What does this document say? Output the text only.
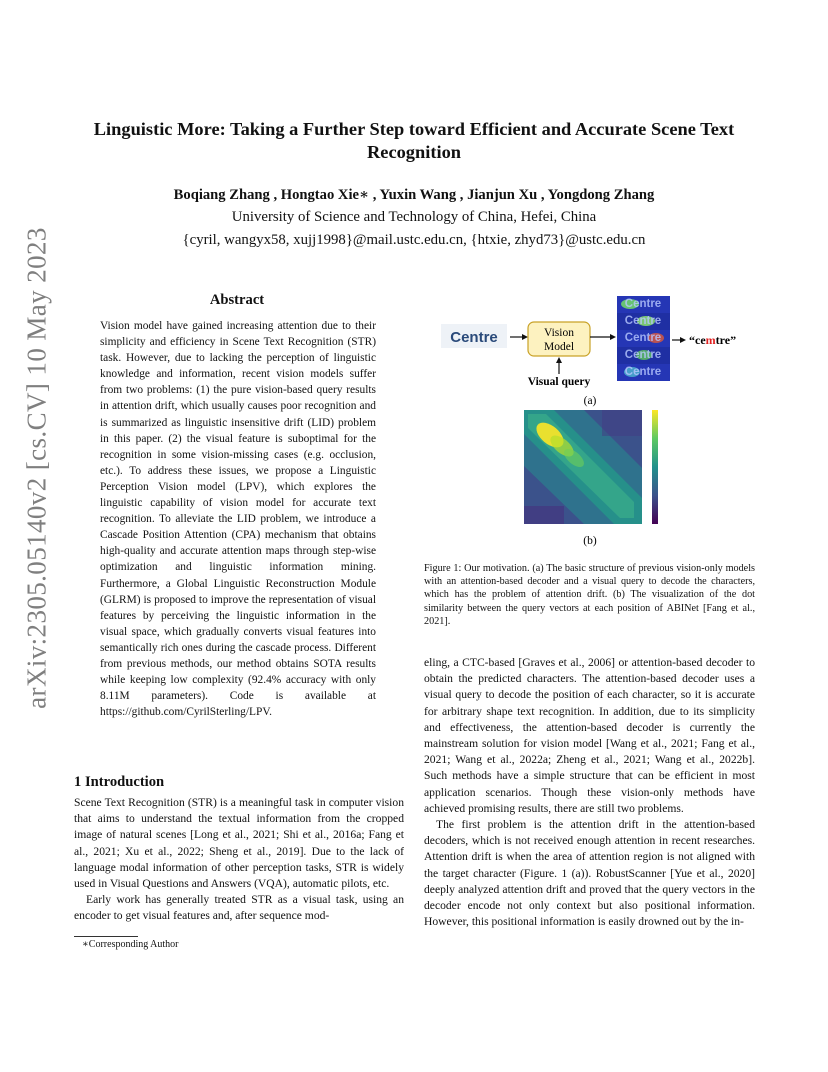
arXiv:2305.05140v2 [cs.CV] 10 May 2023
Linguistic More: Taking a Further Step toward Efficient and Accurate Scene Text Recognition
Boqiang Zhang , Hongtao Xie∗ , Yuxin Wang , Jianjun Xu , Yongdong Zhang
University of Science and Technology of China, Hefei, China
{cyril, wangyx58, xujj1998}@mail.ustc.edu.cn, {htxie, zhyd73}@ustc.edu.cn
Abstract
Vision model have gained increasing attention due to their simplicity and efficiency in Scene Text Recognition (STR) task. However, due to lacking the perception of linguistic knowledge and information, recent vision models suffer from two problems: (1) the pure vision-based query results in attention drift, which usually causes poor recognition and is summarized as linguistic insensitive drift (LID) problem in this paper. (2) the visual feature is suboptimal for the recognition in some vision-missing cases (e.g. occlusion, etc.). To address these issues, we propose a Linguistic Perception Vision model (LPV), which explores the linguistic capability of vision model for accurate text recognition. To alleviate the LID problem, we introduce a Cascade Position Attention (CPA) mechanism that obtains high-quality and accurate attention maps through step-wise optimization and linguistic information mining. Furthermore, a Global Linguistic Reconstruction Module (GLRM) is proposed to improve the representation of visual features by perceiving the linguistic information in the visual space, which gradually converts visual features into semantically rich ones during the cascade process. Different from previous methods, our method obtains SOTA results while keeping low complexity (92.4% accuracy with only 8.11M parameters). Code is available at https://github.com/CyrilSterling/LPV.
1 Introduction

Scene Text Recognition (STR) is a meaningful task in computer vision that aims to understand the textual information from the cropped image of natural scenes [Long et al., 2021; Shi et al., 2016a; Fang et al., 2021; Xu et al., 2022; Sheng et al., 2019]. Due to the lack of language modal information of other perception tasks, STR is widely used in Visual Questions and Answers (VQA), automatic pilots, etc.

Early work has generally treated STR as a visual task, using an encoder to get visual features and, after sequence mod-

∗Corresponding Author
Centre	Vision
Model
Visual query
Centre
Centre
Centre
Centre
Centre
“cemtre”
(a)
(b)
Figure 1: Our motivation. (a) The basic structure of previous vision-only models with an attention-based decoder and a visual query to decode the characters, which has the problem of attention drift. (b) The visualization of the dot similarity between the query vectors at each position of ABINet [Fang et al., 2021].

eling, a CTC-based [Graves et al., 2006] or attention-based decoder to obtain the predicted characters. The attention-based decoder uses a visual query to decode the position of each character, so it is accurate for arbitrary shape text recognition. In addition, due to its simplicity and effectiveness, the attention-based decoder is currently the mainstream solution for vision model [Wang et al., 2021; Fang et al., 2021; Wang et al., 2022a; Zheng et al., 2021; Wang et al., 2022b]. Such methods have a simple structure that can be efficient in most application scenarios. Though these vision-only methods have achieved promising results, there are still two problems.

The first problem is the attention drift in the attention-based decoders, which is not received enough attention in recent researches. Attention drift is when the area of attention region is not aligned with the target character (Figure. 1 (a)). RobustScanner [Yue et al., 2020] deeply analyzed attention drift and proved that the query vectors in the decoder encode not only context but also positional information. However, this positional information is easily drowned out by the in-
